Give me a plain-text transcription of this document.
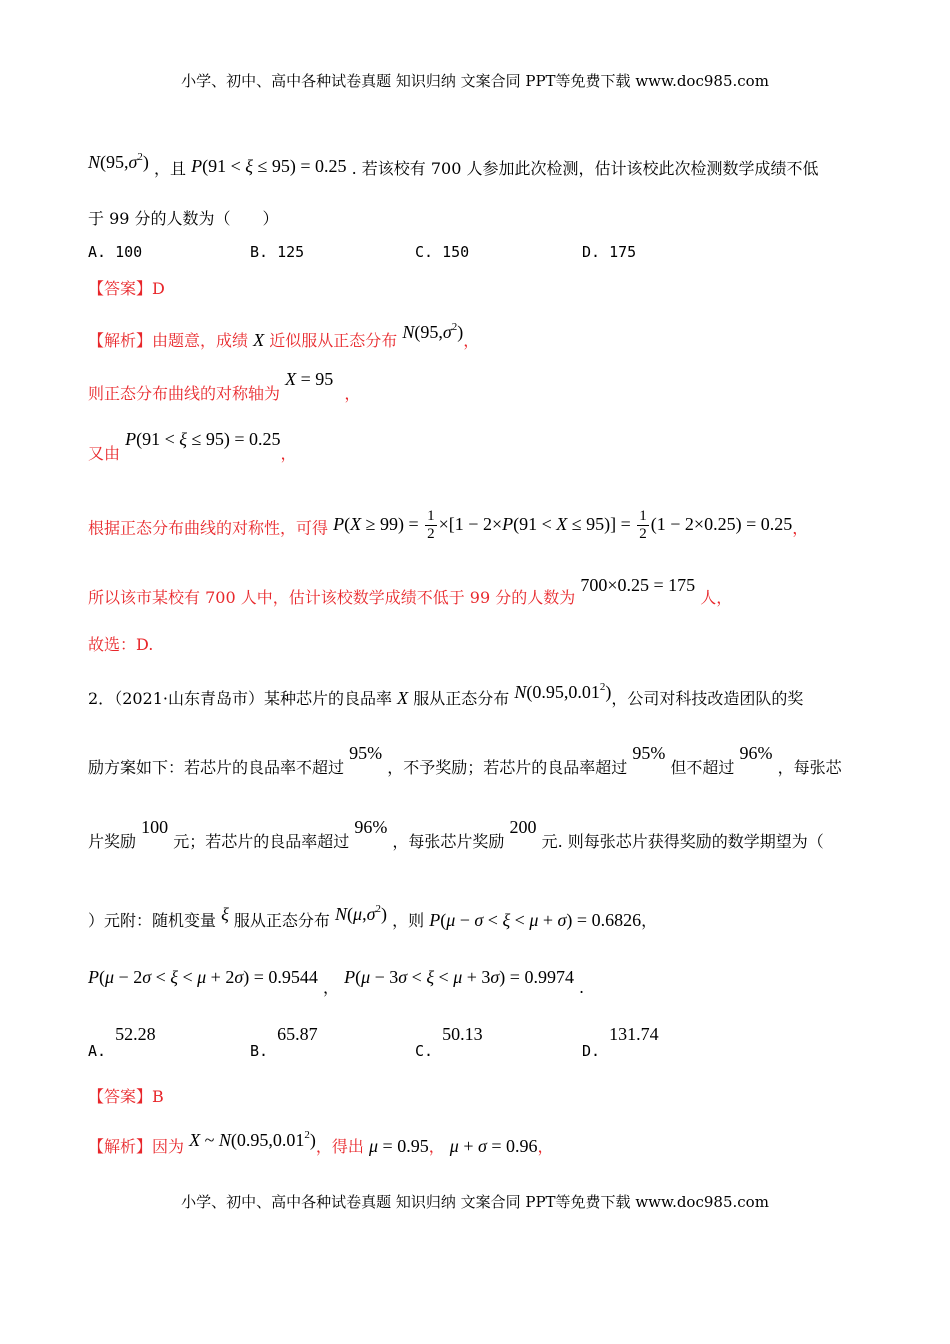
小学、初中、高中各种试卷真题 知识归纳 文案合同 PPT等免费下载 www.doc985.com
$N(95,\sigma^2)$ ，且 P(91 < ξ ≤ 95) = 0.25 . 若该校有 700 人参加此次检测，估计该校此次检测数学成绩不低
于 99 分的人数为（　　）
A. 100	B. 125	C. 150	D. 175
【答案】D
【解析】由题意，成绩 X 近似服从正态分布 $N(95,\sigma^2)$，
则正态分布曲线的对称轴为 X = 95 ，
又由 P(91 < ξ ≤ 95) = 0.25，
根据正态分布曲线的对称性，可得 $P(X \ge 99) = \frac{1}{2} \times[1 - 2\times P(91 < X \le 95)] = \frac{1}{2} (1 - 2\times 0.25) = 0.25$，
所以该市某校有 700 人中，估计该校数学成绩不低于 99 分的人数为 700×0.25 = 175 人，
故选：D.
2．（2021·山东青岛市）某种芯片的良品率 X 服从正态分布 N(0.95,0.01$^2$)，公司对科技改造团队的奖
励方案如下：若芯片的良品率不超过 95% ，不予奖励；若芯片的良品率超过 95% 但不超过 96% ，每张芯
片奖励 100 元；若芯片的良品率超过 96% ，每张芯片奖励 200 元. 则每张芯片获得奖励的数学期望为（
）元附：随机变量 ξ 服从正态分布 $N(\mu,\sigma^2)$ ，则 P(μ − σ < ξ < μ + σ) = 0.6826，
P(μ − 2σ < ξ < μ + 2σ) = 0.9544 ， P(μ − 3σ < ξ < μ + 3σ) = 0.9974 .
A. 52.28
B. 65.87
C. 50.13
D. 131.74
【答案】B
【解析】因为 X ~ N(0.95,0.01$^2$)，得出 μ = 0.95， μ + σ = 0.96，
小学、初中、高中各种试卷真题 知识归纳 文案合同 PPT等免费下载 www.doc985.com
